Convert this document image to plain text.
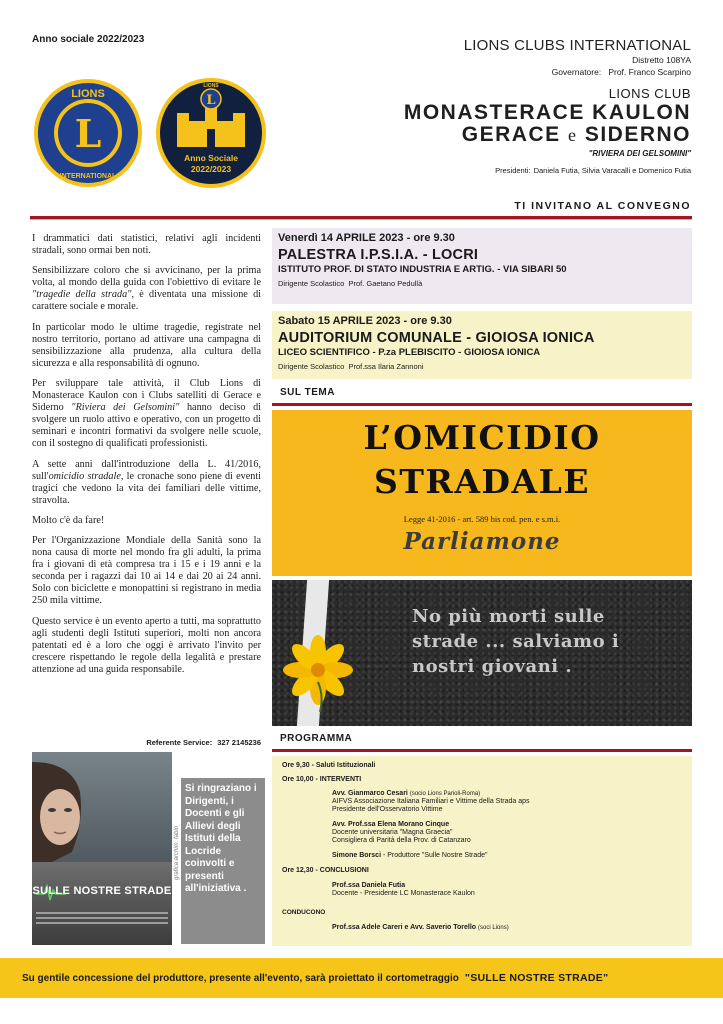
Anno sociale 2022/2023	LIONS CLUBS INTERNATIONAL
Distretto 108YA
Governatore: Prof. Franco Scarpino
LIONS CLUB
MONASTERACE KAULON
GERACE e SIDERNO
"RIVIERA DEI GELSOMINI"
Presidenti: Daniela Futia, Silvia Varacalli e Domenico Futia
L
LIONS
INTERNATIONAL
L
LIONS
Anno Sociale
2022/2023
TI INVITANO AL CONVEGNO

I drammatici dati statistici, relativi agli incidenti stradali, sono ormai ben noti.

Sensibilizzare coloro che si avvicinano, per la prima volta, al mondo della guida con l'obiettivo di evitare le "tragedie della strada", è diventata una missione di carattere sociale e morale.

In particolar modo le ultime tragedie, registrate nel nostro territorio, portano ad attivare una campagna di sensibilizzazione alla prudenza, alla cultura della sicurezza e alla responsabilità di ognuno.

Per sviluppare tale attività, il Club Lions di Monasterace Kaulon con i Clubs satelliti di Gerace e Siderno "Riviera dei Gelsomini" hanno deciso di svolgere un ruolo attivo e operativo, con un progetto di seminari e incontri formativi da svolgere nelle scuole, con il sostegno di qualificati professionisti.

A sette anni dall'introduzione della L. 41/2016, sull'omicidio stradale, le cronache sono piene di eventi tragici che vedono la vita dei familiari delle vittime, stravolta.

Molto c'è da fare!

Per l'Organizzazione Mondiale della Sanità sono la nona causa di morte nel mondo fra gli adulti, la prima fra i giovani di età compresa tra i 15 e i 19 anni e la seconda per i ragazzi dai 10 ai 14 e dai 20 ai 24 anni. Solo con biciclette e monopattini si registrano in media 250 mila vittime.

Questo service è un evento aperto a tutti, ma soprattutto agli studenti degli Istituti superiori, molti non ancora patentati ed è a loro che oggi è arrivato l'invito per crescere rispettando le regole della legalità e prestare attenzione ad una guida responsabile.

Referente Service: 327 2145236
Venerdì 14 APRILE 2023 - ore 9.30
PALESTRA I.P.S.I.A. - LOCRI
ISTITUTO PROF. DI STATO INDUSTRIA E ARTIG. - VIA SIBARI 50
Dirigente Scolastico Prof. Gaetano Pedullà
Sabato 15 APRILE 2023 - ore 9.30
AUDITORIUM COMUNALE - GIOIOSA IONICA
LICEO SCIENTIFICO - P.za PLEBISCITO - GIOIOSA IONICA
Dirigente Scolastico Prof.ssa Ilaria Zannoni
SUL TEMA
L’OMICIDIO
STRADALE
Legge 41-2016 - art. 589 bis cod. pen. e s.m.i.
Parliamone
No più morti sulle
strade ... salviamo i
nostri giovani .
PROGRAMMA
Ore 9,30 - Saluti Istituzionali
Ore 10,00 - INTERVENTI
Avv. Gianmarco Cesari (socio Lions Parioli-Roma)
AIFVS Associazione Italiana Familiari e Vittime della Strada aps
Presidente dell'Osservatorio Vittime
Avv. Prof.ssa Elena Morano Cinque
Docente universitaria "Magna Graecia"
Consigliera di Parità della Prov. di Catanzaro
Simone Borsci - Produttore "Sulle Nostre Strade"
Ore 12,30 - CONCLUSIONI
Prof.ssa Daniela Futia
Docente - Presidente LC Monasterace Kaulon
CONDUCONO
Prof.ssa Adele Careri e Avv. Saverio Torello (soci Lions)
SULLE NOSTRE STRADE
grafica archim. fabio
Si ringraziano i Dirigenti, i Docenti e gli Allievi degli Istituti della Locride coinvolti e presenti all'iniziativa .
Su gentile concessione del produttore, presente all'evento, sarà proiettato il cortometraggio "SULLE NOSTRE STRADE"
